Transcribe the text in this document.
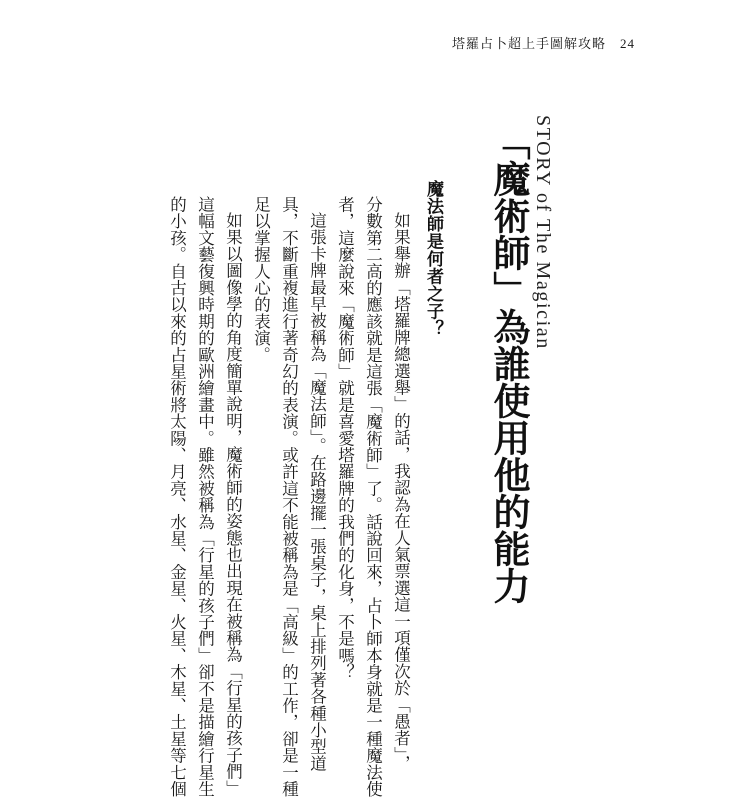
塔羅占卜超上手圖解攻略 24
STORY of The Magician
「魔術師」為誰使用他的能力
魔法師是何者之子？
如果舉辦「塔羅牌總選舉」的話，我認為在人氣票選這一項僅次於「愚者」，
分數第二高的應該就是這張「魔術師」了。話說回來，占卜師本身就是一種魔法使
者，這麼說來「魔術師」就是喜愛塔羅牌的我們的化身，不是嗎？
這張卡牌最早被稱為「魔法師」。在路邊擺一張桌子，桌上排列著各種小型道
具，不斷重複進行著奇幻的表演。或許這不能被稱為是「高級」的工作，卻是一種
足以掌握人心的表演。
如果以圖像學的角度簡單說明，魔術師的姿態也出現在被稱為「行星的孩子們」
這幅文藝復興時期的歐洲繪畫中。雖然被稱為「行星的孩子們」卻不是描繪行星生
的小孩。自古以來的占星術將太陽、月亮、水星、金星、火星、木星、土星等七個
